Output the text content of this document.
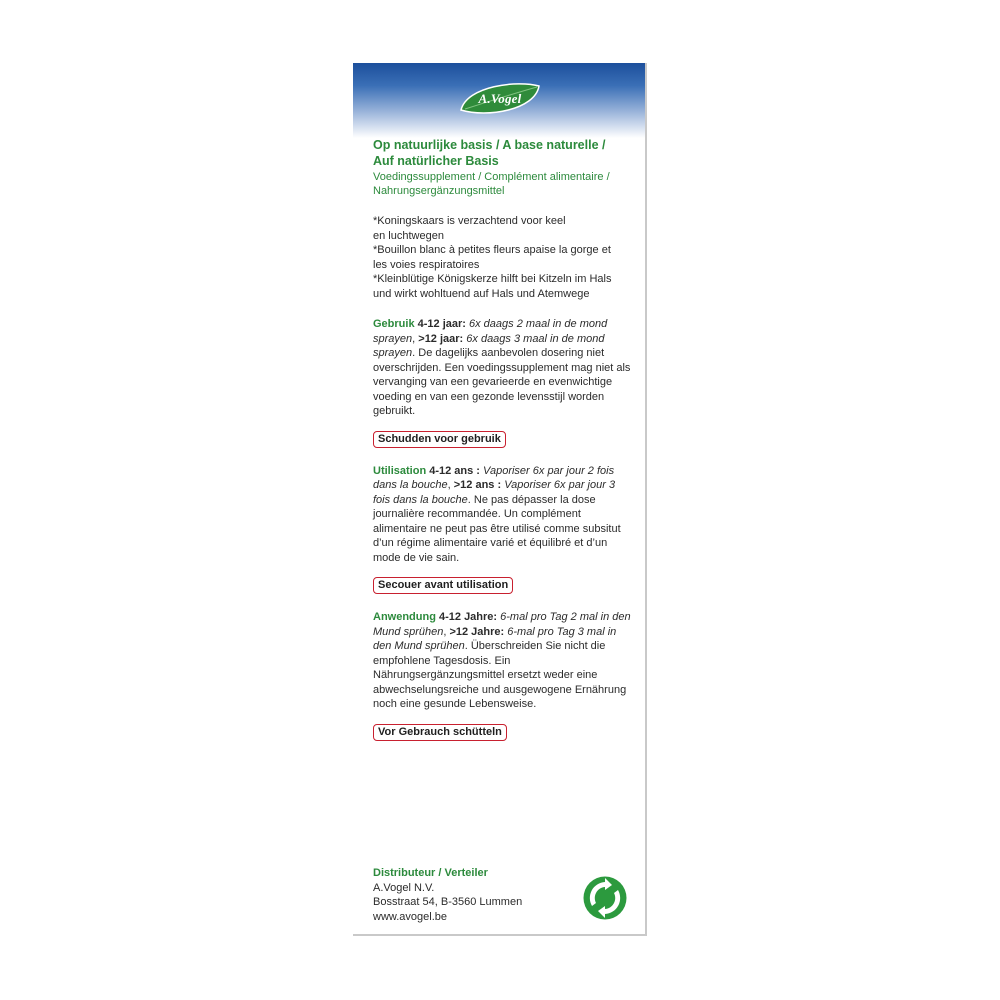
A.Vogel

Op natuurlijke basis / A base naturelle /

Auf natürlicher Basis

Voedingssupplement / Complément alimentaire /

Nahrungsergänzungsmittel

*Koningskaars is verzachtend voor keel

en luchtwegen

*Bouillon blanc à petites fleurs apaise la gorge et

les voies respiratoires

*Kleinblütige Königskerze hilft bei Kitzeln im Hals

und wirkt wohltuend auf Hals und Atemwege

Gebruik 4-12 jaar: 6x daags 2 maal in de mond sprayen, >12 jaar: 6x daags 3 maal in de mond sprayen. De dagelijks aanbevolen dosering niet overschrijden. Een voedingssupplement mag niet als vervanging van een gevarieerde en evenwichtige voeding en van een gezonde levensstijl worden gebruikt.

Schudden voor gebruik

Utilisation 4-12 ans : Vaporiser 6x par jour 2 fois dans la bouche, >12 ans : Vaporiser 6x par jour 3 fois dans la bouche. Ne pas dépasser la dose journalière recommandée. Un complément alimentaire ne peut pas être utilisé comme subsitut d’un régime alimentaire varié et équilibré et d’un mode de vie sain.

Secouer avant utilisation

Anwendung 4-12 Jahre: 6-mal pro Tag 2 mal in den Mund sprühen, >12 Jahre: 6-mal pro Tag 3 mal in den Mund sprühen. Überschreiden Sie nicht die empfohlene Tagesdosis. Ein Nährungsergänzungsmittel ersetzt weder eine abwechselungsreiche und ausgewogene Ernährung noch eine gesunde Lebensweise.

Vor Gebrauch schütteln
Distributeur / Verteiler
A.Vogel N.V.
Bosstraat 54, B-3560 Lummen
www.avogel.be
